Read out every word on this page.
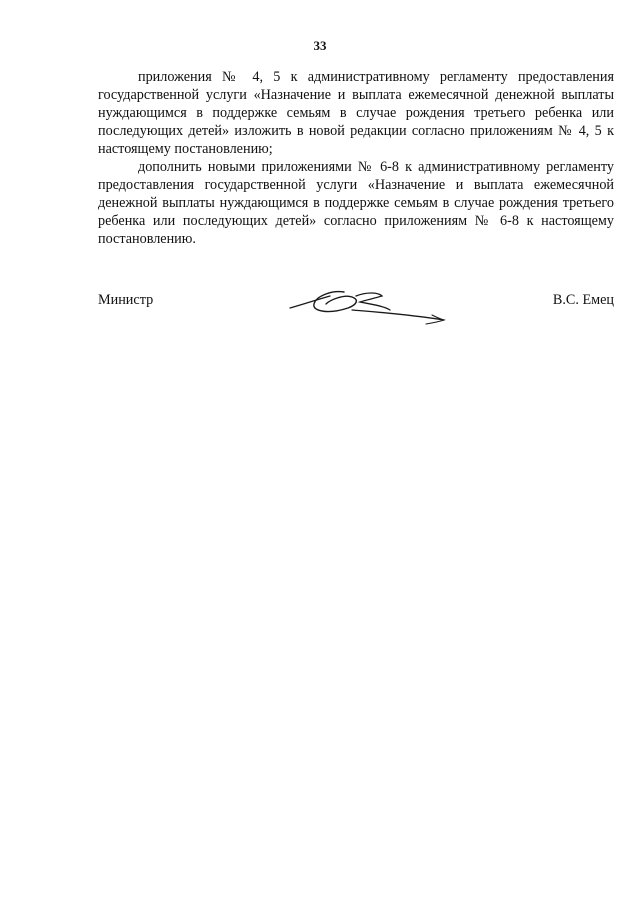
33

приложения № 4, 5 к административному регламенту предоставления государственной услуги «Назначение и выплата ежемесячной денежной выплаты нуждающимся в поддержке семьям в случае рождения третьего ребенка или последующих детей» изложить в новой редакции согласно приложениям № 4, 5 к настоящему постановлению;

дополнить новыми приложениями № 6-8 к административному регламенту предоставления государственной услуги «Назначение и выплата ежемесячной денежной выплаты нуждающимся в поддержке семьям в случае рождения третьего ребенка или последующих детей» согласно приложениям № 6-8 к настоящему постановлению.

Министр	В.С. Емец
